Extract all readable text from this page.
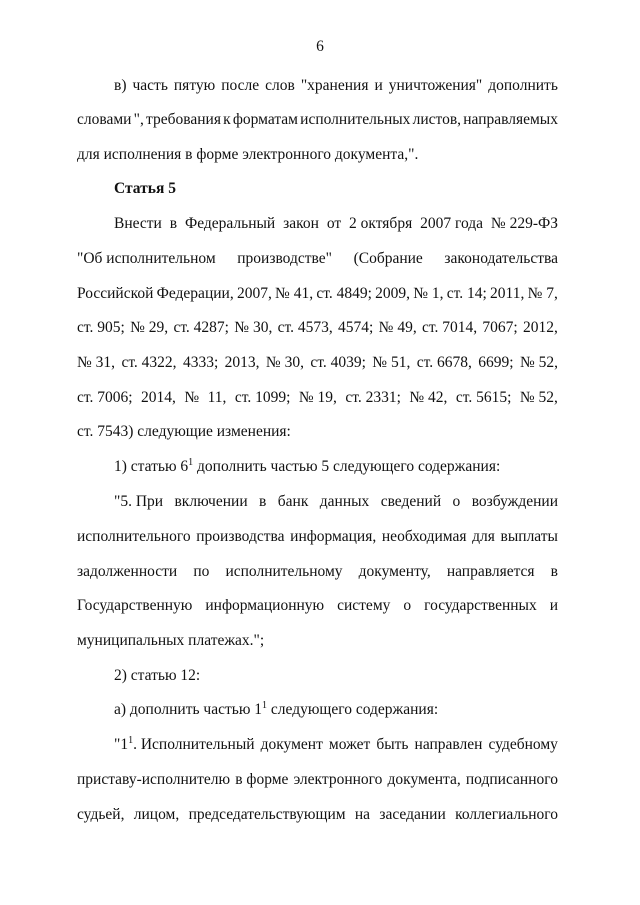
6
в) часть пятую после слов "хранения и уничтожения" дополнить
словами ", требования к форматам исполнительных листов, направляемых
для исполнения в форме электронного документа,".
Статья 5
Внести в Федеральный закон от 2 октября 2007 года № 229-ФЗ
"Об исполнительном производстве" (Собрание законодательства
Российской Федерации, 2007, № 41, ст. 4849; 2009, № 1, ст. 14; 2011, № 7,
ст. 905; № 29, ст. 4287; № 30, ст. 4573, 4574; № 49, ст. 7014, 7067; 2012,
№ 31, ст. 4322, 4333; 2013, № 30, ст. 4039; № 51, ст. 6678, 6699; № 52,
ст. 7006; 2014, № 11, ст. 1099; № 19, ст. 2331; № 42, ст. 5615; № 52,
ст. 7543) следующие изменения:
1) статью $6^1$ дополнить частью 5 следующего содержания:
"5. При включении в банк данных сведений о возбуждении
исполнительного производства информация, необходимая для выплаты
задолженности по исполнительному документу, направляется в
Государственную информационную систему о государственных и
муниципальных платежах.";
2) статью 12:
а) дополнить частью $1^1$ следующего содержания:
"$1^1$. Исполнительный документ может быть направлен судебному
приставу-исполнителю в форме электронного документа, подписанного
судьей, лицом, председательствующим на заседании коллегиального
